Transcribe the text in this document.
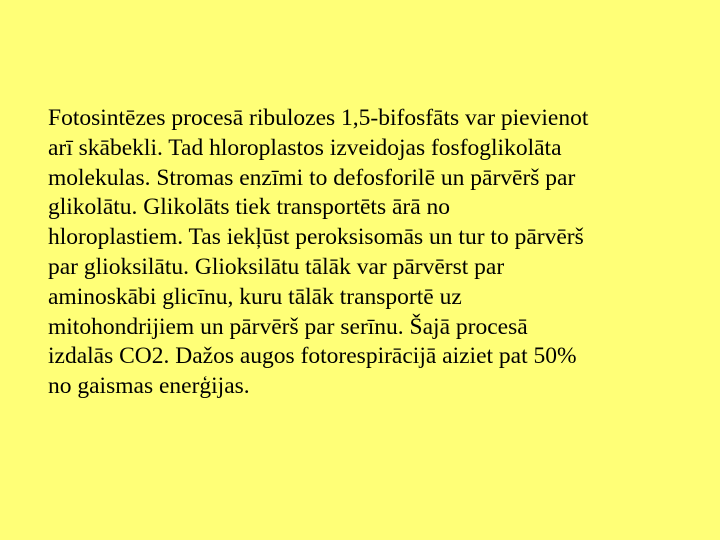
Fotosintēzes procesā ribulozes 1,5-bifosfāts var pievienot
arī skābekli. Tad hloroplastos izveidojas fosfoglikolāta
molekulas. Stromas enzīmi to defosforilē un pārvērš par
glikolātu. Glikolāts tiek transportēts ārā no
hloroplastiem. Tas iekļūst peroksisomās un tur to pārvērš
par glioksilātu. Glioksilātu tālāk var pārvērst par
aminoskābi glicīnu, kuru tālāk transportē uz
mitohondrijiem un pārvērš par serīnu. Šajā procesā
izdalās CO2. Dažos augos fotorespirācijā aiziet pat 50%
no gaismas enerģijas.
